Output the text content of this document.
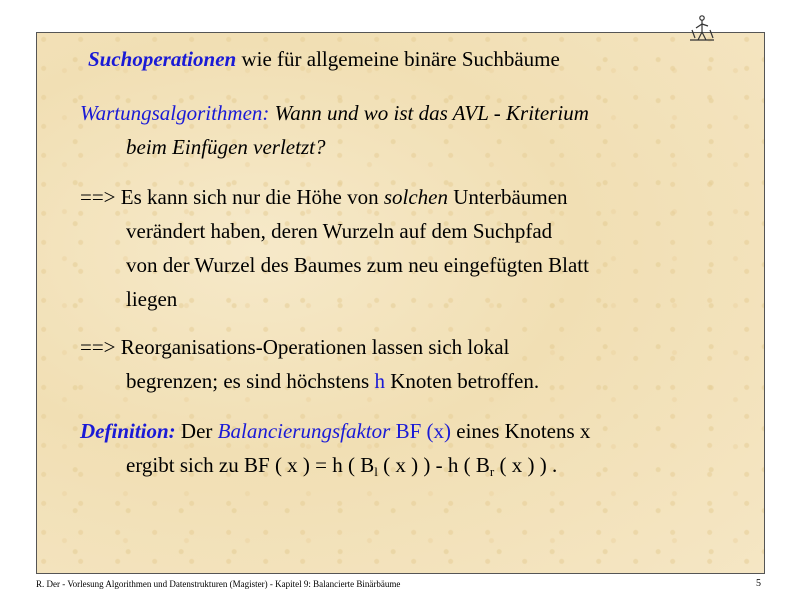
Suchoperationen wie für allgemeine binäre Suchbäume
Wartungsalgorithmen: Wann und wo ist das AVL - Kriterium
beim Einfügen verletzt?
==> Es kann sich nur die Höhe von solchen Unterbäumen
verändert haben, deren Wurzeln auf dem Suchpfad
von der Wurzel des Baumes zum neu eingefügten Blatt
liegen
==> Reorganisations-Operationen lassen sich lokal
begrenzen; es sind höchstens h Knoten betroffen.
Definition: Der Balancierungsfaktor BF (x) eines Knotens x
ergibt sich zu BF ( x ) = h ( $B_l$ ( x ) ) - h ( $B_r$ ( x ) ) .
R. Der - Vorlesung Algorithmen und Datenstrukturen (Magister) - Kapitel 9: Balancierte Binärbäume	5
